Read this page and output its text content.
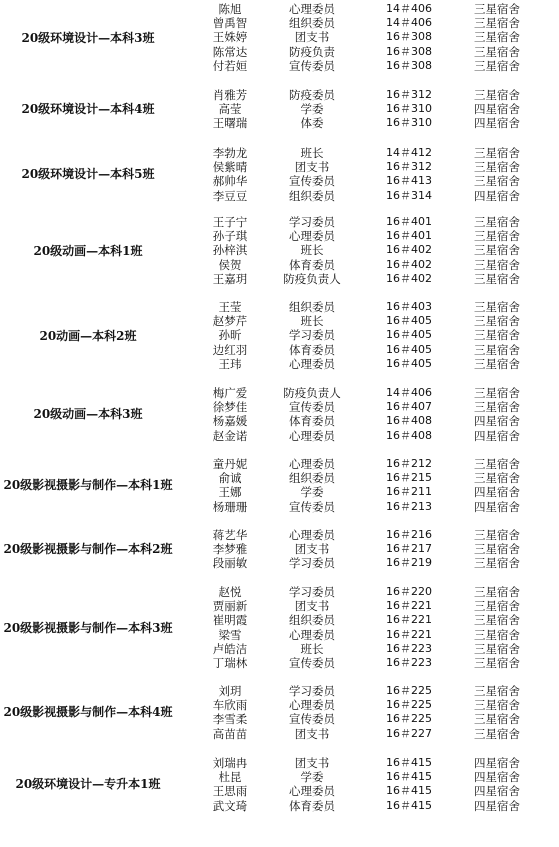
20级环境设计—本科3班
陈旭	心理委员	14＃406	三星宿舍
曾禹智	组织委员	14＃406	三星宿舍
王姝婷	团支书	16＃308	三星宿舍
陈常达	防疫负责	16＃308	三星宿舍
付若姮	宣传委员	16＃308	三星宿舍
20级环境设计—本科4班
肖雅芳	防疫委员	16＃312	三星宿舍
高莹	学委	16＃310	四星宿舍
王曙瑞	体委	16＃310	四星宿舍
20级环境设计—本科5班
李勃龙	班长	14＃412	三星宿舍
侯紫晴	团支书	16＃312	三星宿舍
郝帅华	宣传委员	16＃413	三星宿舍
李豆豆	组织委员	16＃314	四星宿舍
20级动画—本科1班
王子宁	学习委员	16＃401	三星宿舍
孙子琪	心理委员	16＃401	三星宿舍
孙梓淇	班长	16＃402	三星宿舍
侯贺	体育委员	16＃402	三星宿舍
王嘉玥	防疫负责人	16＃402	三星宿舍
20动画—本科2班
王莹	组织委员	16＃403	三星宿舍
赵梦芹	班长	16＃405	三星宿舍
孙昕	学习委员	16＃405	三星宿舍
边红羽	体育委员	16＃405	三星宿舍
王玮	心理委员	16＃405	三星宿舍
20级动画—本科3班
梅广爱	防疫负责人	14＃406	三星宿舍
徐梦佳	宣传委员	16＃407	三星宿舍
杨嘉媛	体育委员	16＃408	四星宿舍
赵金诺	心理委员	16＃408	四星宿舍
20级影视摄影与制作—本科1班
童丹妮	心理委员	16＃212	三星宿舍
俞诚	组织委员	16＃215	三星宿舍
王娜	学委	16＃211	四星宿舍
杨珊珊	宣传委员	16＃213	四星宿舍
20级影视摄影与制作—本科2班
蒋艺华	心理委员	16＃216	三星宿舍
李梦雅	团支书	16＃217	三星宿舍
段丽敏	学习委员	16＃219	三星宿舍
20级影视摄影与制作—本科3班
赵悦	学习委员	16＃220	三星宿舍
贾丽新	团支书	16＃221	三星宿舍
崔明霞	组织委员	16＃221	三星宿舍
梁雪	心理委员	16＃221	三星宿舍
卢皓洁	班长	16＃223	三星宿舍
丁瑞林	宣传委员	16＃223	三星宿舍
20级影视摄影与制作—本科4班
刘玥	学习委员	16＃225	三星宿舍
车欣雨	心理委员	16＃225	三星宿舍
李雪柔	宣传委员	16＃225	三星宿舍
高苗苗	团支书	16＃227	三星宿舍
20级环境设计—专升本1班
刘瑞冉	团支书	16＃415	四星宿舍
杜昆	学委	16＃415	四星宿舍
王思雨	心理委员	16＃415	四星宿舍
武文琦	体育委员	16＃415	四星宿舍
